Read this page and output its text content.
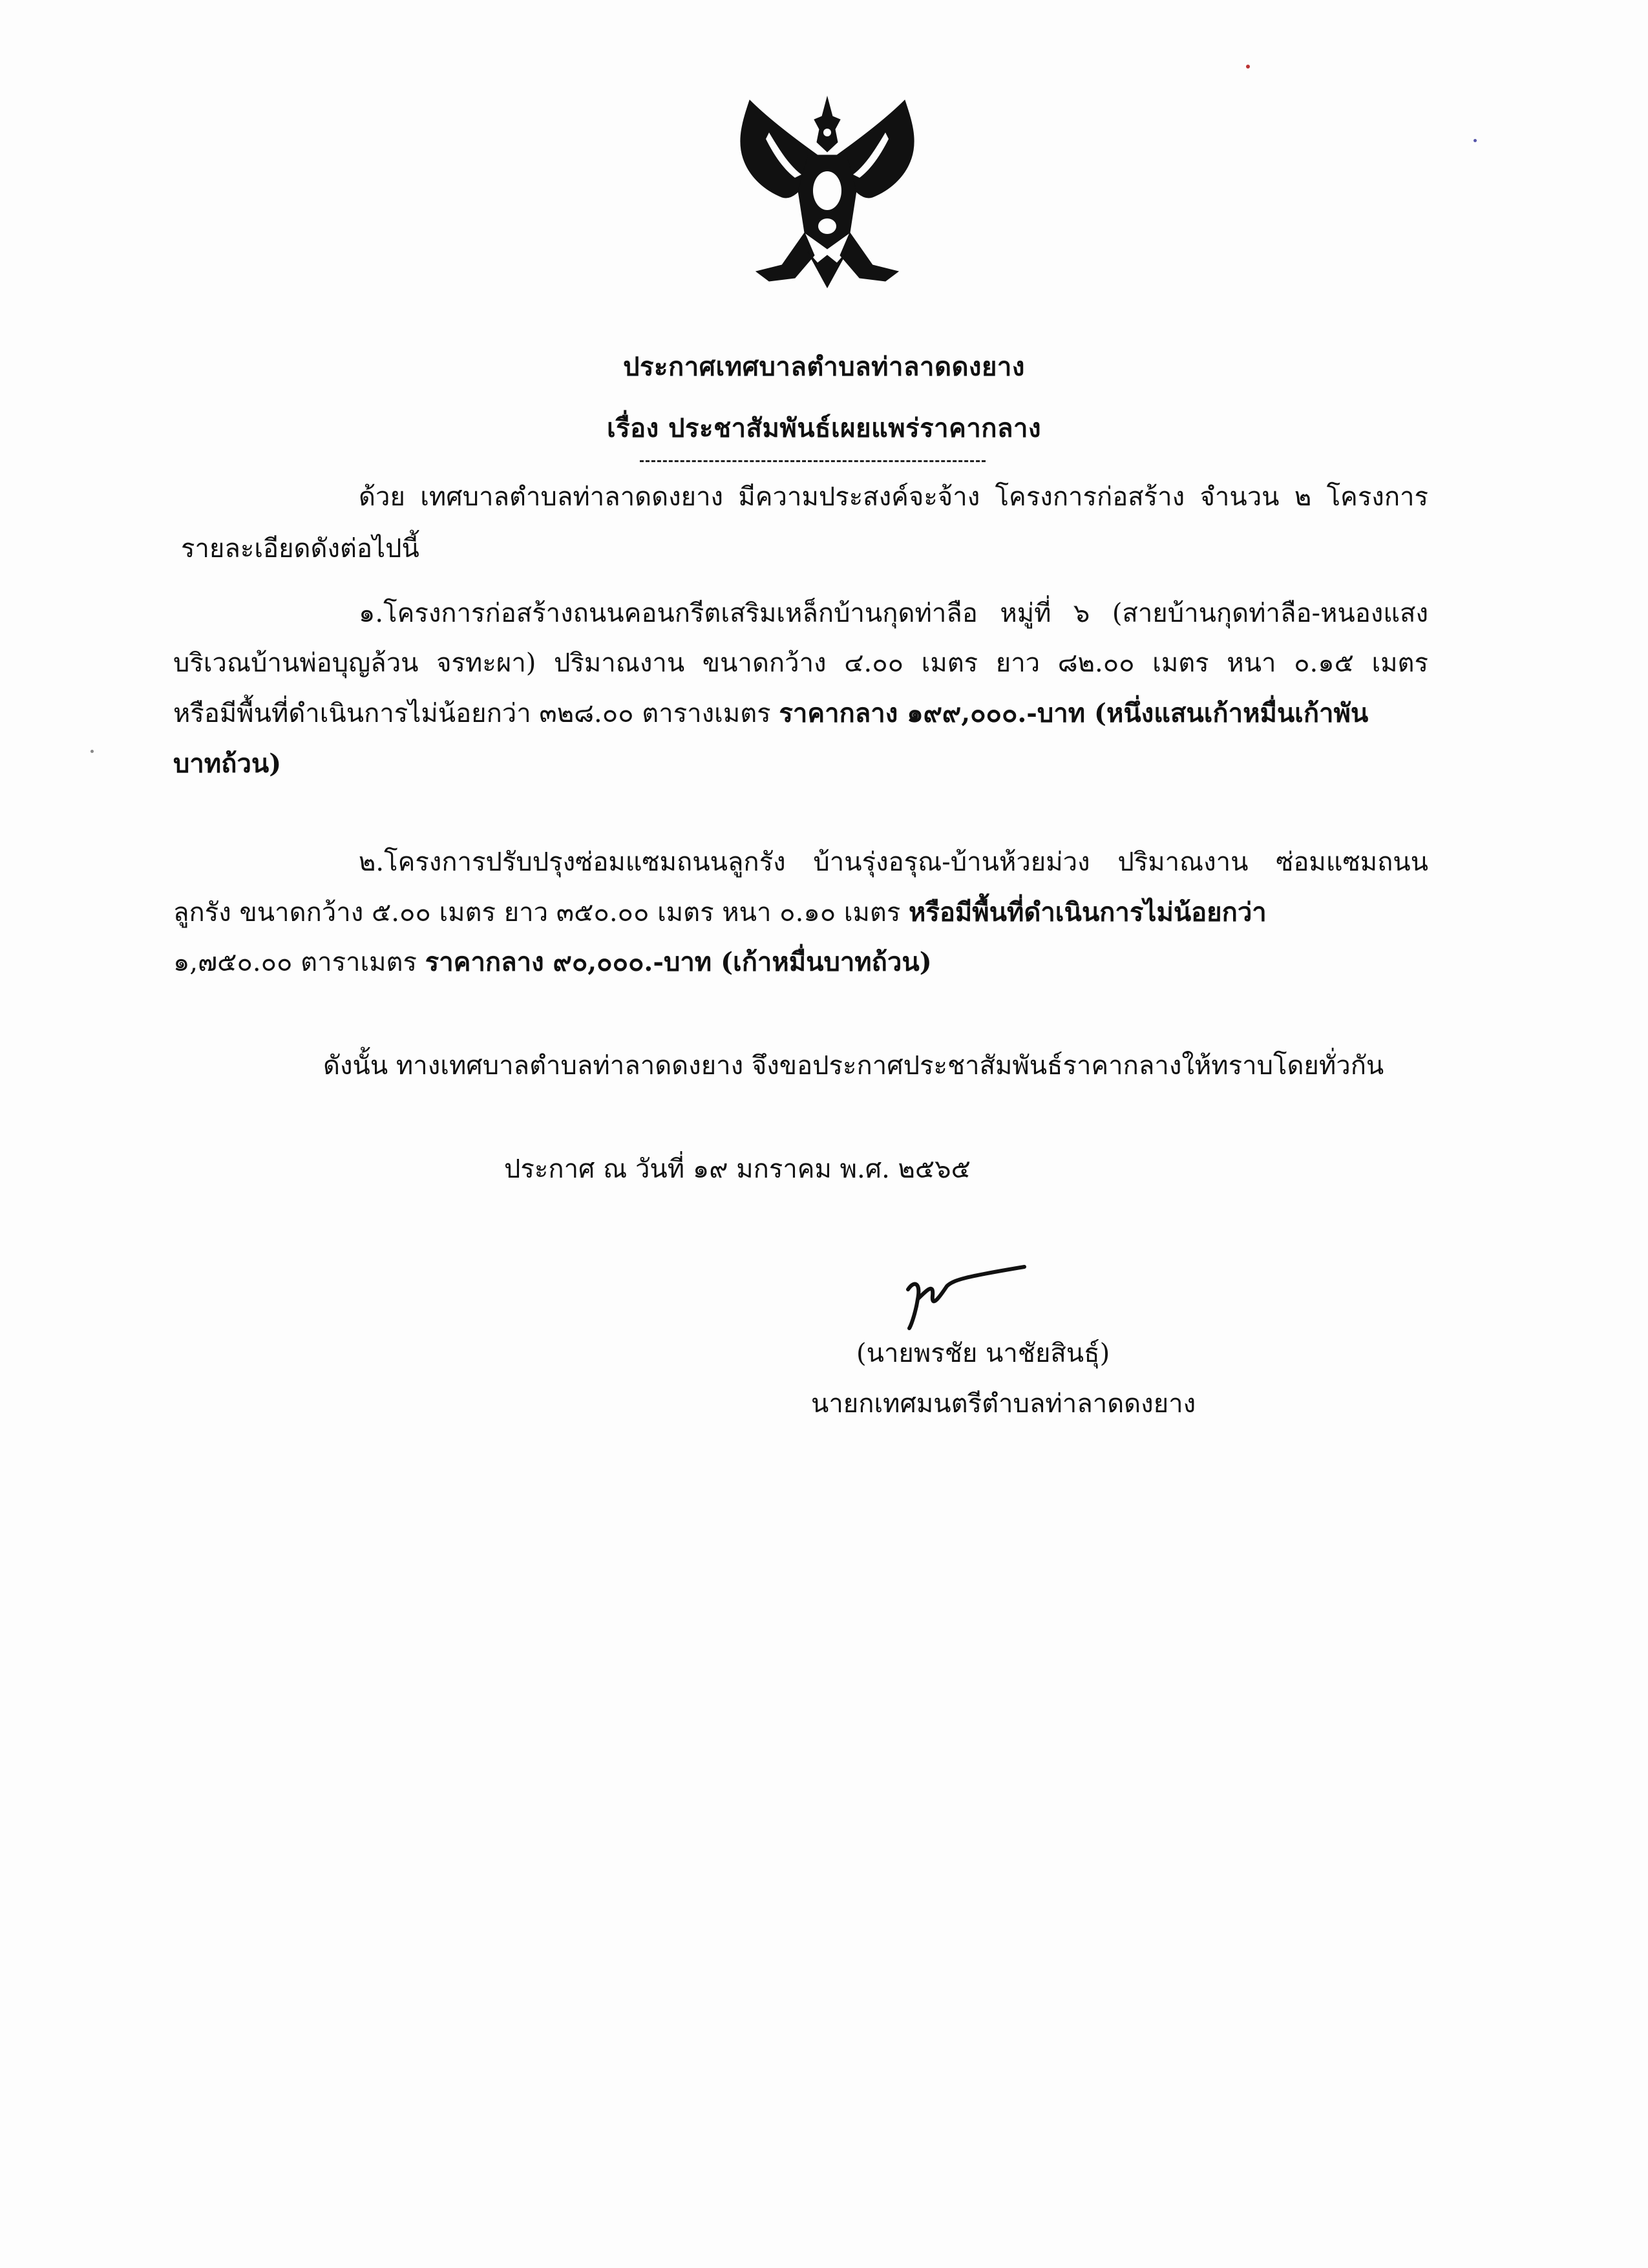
ประกาศเทศบาลตำบลท่าลาดดงยาง
เรื่อง ประชาสัมพันธ์เผยแพร่ราคากลาง
ด้วย เทศบาลตำบลท่าลาดดงยาง มีความประสงค์จะจ้าง โครงการก่อสร้าง จำนวน ๒ โครงการ
รายละเอียดดังต่อไปนี้
๑.โครงการก่อสร้างถนนคอนกรีตเสริมเหล็กบ้านกุดท่าลือ หมู่ที่ ๖ (สายบ้านกุดท่าลือ-หนองแสง
บริเวณบ้านพ่อบุญล้วน จรทะผา) ปริมาณงาน ขนาดกว้าง ๔.๐๐ เมตร ยาว ๘๒.๐๐ เมตร หนา ๐.๑๕ เมตร
หรือมีพื้นที่ดำเนินการไม่น้อยกว่า ๓๒๘.๐๐ ตารางเมตร ราคากลาง ๑๙๙,๐๐๐.-บาท (หนึ่งแสนเก้าหมื่นเก้าพัน
บาทถ้วน)
๒.โครงการปรับปรุงซ่อมแซมถนนลูกรัง บ้านรุ่งอรุณ-บ้านห้วยม่วง ปริมาณงาน ซ่อมแซมถนน
ลูกรัง ขนาดกว้าง ๕.๐๐ เมตร ยาว ๓๕๐.๐๐ เมตร หนา ๐.๑๐ เมตร หรือมีพื้นที่ดำเนินการไม่น้อยกว่า
๑,๗๕๐.๐๐ ตาราเมตร ราคากลาง ๙๐,๐๐๐.-บาท (เก้าหมื่นบาทถ้วน)
ดังนั้น ทางเทศบาลตำบลท่าลาดดงยาง จึงขอประกาศประชาสัมพันธ์ราคากลางให้ทราบโดยทั่วกัน
ประกาศ ณ วันที่ ๑๙ มกราคม พ.ศ. ๒๕๖๕
(นายพรชัย นาชัยสินธุ์)
นายกเทศมนตรีตำบลท่าลาดดงยาง
